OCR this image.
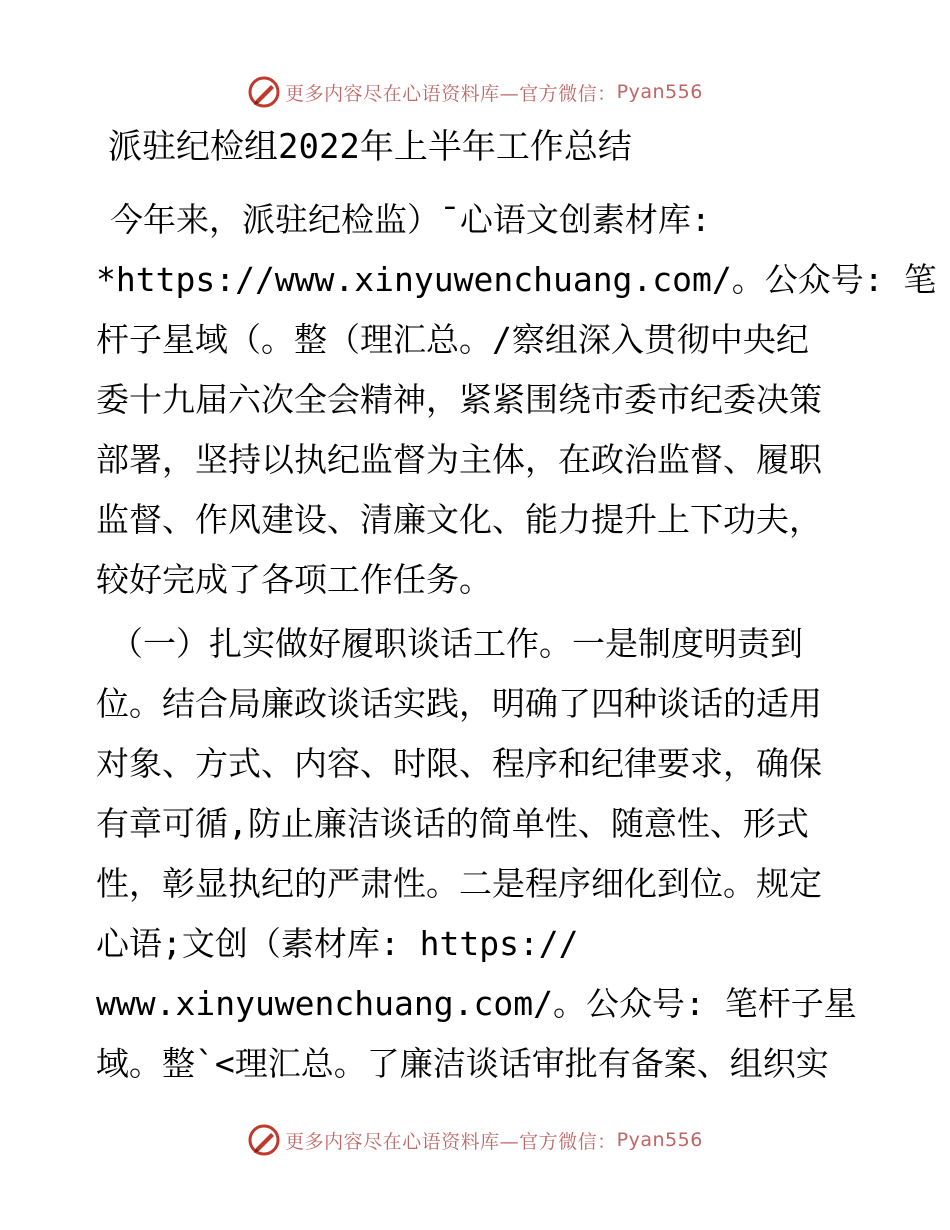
更多内容尽在心语资料库—官方微信： Pyan556
派驻纪检组2022年上半年工作总结
今年来，派驻纪检监）¯心语文创素材库:
*https://www.xinyuwenchuang.com/。公众号: 笔
杆子星域（。整（理汇总。/察组深入贯彻中央纪
委十九届六次全会精神，紧紧围绕市委市纪委决策
部署，坚持以执纪监督为主体，在政治监督、履职
监督、作风建设、清廉文化、能力提升上下功夫，
较好完成了各项工作任务。
（一）扎实做好履职谈话工作。一是制度明责到
位。结合局廉政谈话实践，明确了四种谈话的适用
对象、方式、内容、时限、程序和纪律要求，确保
有章可循,防止廉洁谈话的简单性、随意性、形式
性，彰显执纪的严肃性。二是程序细化到位。规定
心语;文创（素材库: https://
www.xinyuwenchuang.com/。公众号: 笔杆子星
域。整`<理汇总。了廉洁谈话审批有备案、组织实
更多内容尽在心语资料库—官方微信： Pyan556
